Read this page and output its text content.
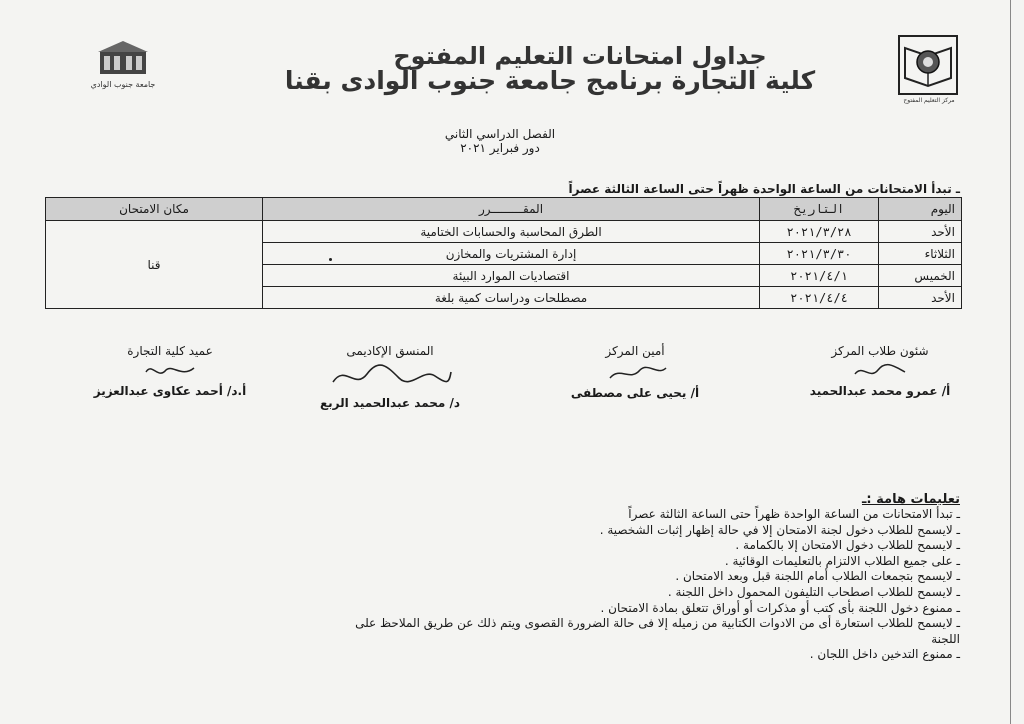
مركز التعليم المفتوح
جامعة جنوب الوادي
جداول امتحانات التعليم المفتوح
كلية التجارة برنامج جامعة جنوب الوادى بقنا
الفصل الدراسي الثاني
دور فبراير ٢٠٢١
ـ تبدأ الامتحانات من الساعة الواحدة ظهراً حتى الساعة الثالثة عصراً
اليوم	التاريخ	المقـــــــــرر	مكان الامتحان
الأحد	٢٠٢١/٣/٢٨	الطرق المحاسبة والحسابات الختامية	قنا
الثلاثاء	٢٠٢١/٣/٣٠	إدارة المشتريات والمخازن	
الخميس	٢٠٢١/٤/١	اقتصاديات الموارد البيئة	
الأحد	٢٠٢١/٤/٤	مصطلحات ودراسات كمية بلغة	
شئون طلاب المركز
أ/ عمرو محمد عبدالحميد
أمين المركز
أ/ يحيى على مصطفى
المنسق الإكاديمى
د/ محمد عبدالحميد الربع
عميد كلية التجارة
أ.د/ أحمد عكاوى عبدالعزيز
تعليمات هامة :ـ
ـ تبدأ الامتحانات من الساعة الواحدة ظهراً حتى الساعة الثالثة عصراً
ـ لايسمح للطلاب دخول لجنة الامتحان إلا في حالة إظهار إثبات الشخصية .
ـ لايسمح للطلاب دخول الامتحان إلا بالكمامة .
ـ على جميع الطلاب الالتزام بالتعليمات الوقائية .
ـ لايسمح بتجمعات الطلاب أمام اللجنة قبل وبعد الامتحان .
ـ لايسمح للطلاب اصطحاب التليفون المحمول داخل اللجنة .
ـ ممنوع دخول اللجنة بأى كتب أو مذكرات أو أوراق تتعلق بمادة الامتحان .
ـ لايسمح للطلاب استعارة أى من الادوات الكتابية من زميله إلا فى حالة الضرورة القصوى ويتم ذلك عن طريق الملاحظ على اللجنة
ـ ممنوع التدخين داخل اللجان .
